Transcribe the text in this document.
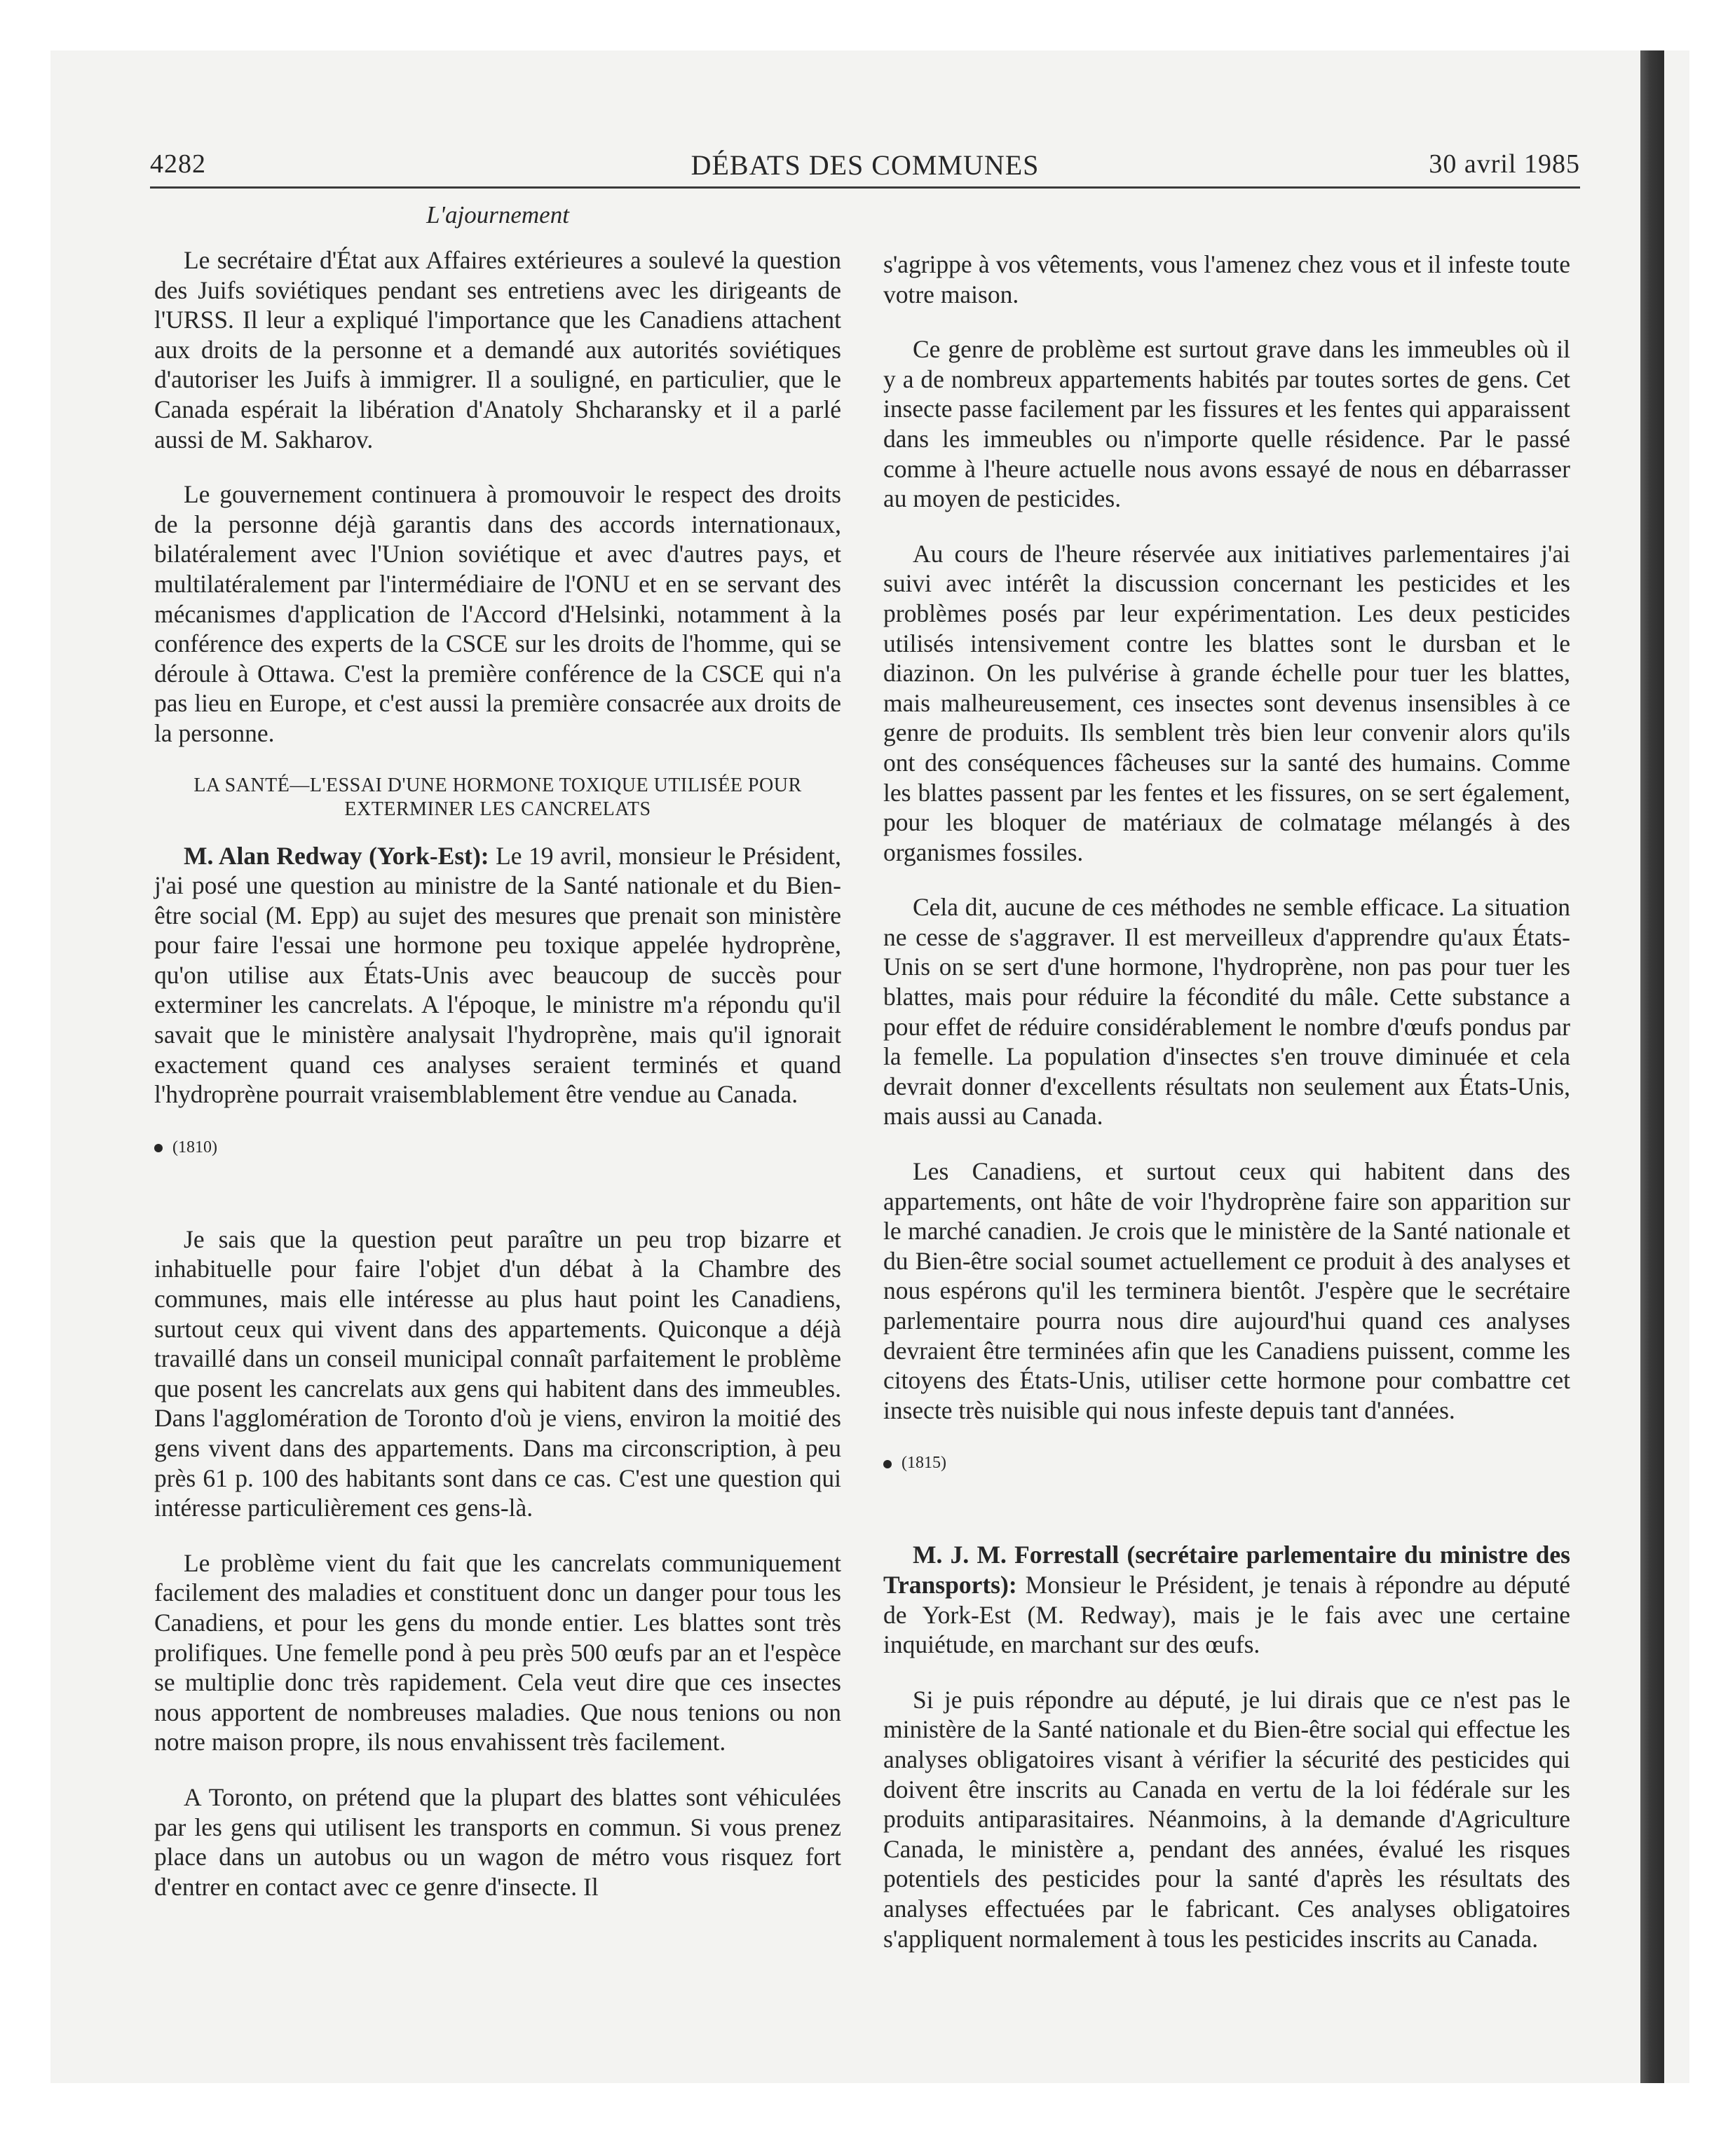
4282	DÉBATS DES COMMUNES	30 avril 1985
L'ajournement

Le secrétaire d'État aux Affaires extérieures a soulevé la question des Juifs soviétiques pendant ses entretiens avec les dirigeants de l'URSS. Il leur a expliqué l'importance que les Canadiens attachent aux droits de la personne et a demandé aux autorités soviétiques d'autoriser les Juifs à immigrer. Il a souligné, en particulier, que le Canada espérait la libération d'Anatoly Shcharansky et il a parlé aussi de M. Sakharov.

Le gouvernement continuera à promouvoir le respect des droits de la personne déjà garantis dans des accords internationaux, bilatéralement avec l'Union soviétique et avec d'autres pays, et multilatéralement par l'intermédiaire de l'ONU et en se servant des mécanismes d'application de l'Accord d'Helsinki, notamment à la conférence des experts de la CSCE sur les droits de l'homme, qui se déroule à Ottawa. C'est la première conférence de la CSCE qui n'a pas lieu en Europe, et c'est aussi la première consacrée aux droits de la personne.

LA SANTÉ—L'ESSAI D'UNE HORMONE TOXIQUE UTILISÉE POUR EXTERMINER LES CANCRELATS

M. Alan Redway (York-Est): Le 19 avril, monsieur le Président, j'ai posé une question au ministre de la Santé nationale et du Bien-être social (M. Epp) au sujet des mesures que prenait son ministère pour faire l'essai une hormone peu toxique appelée hydroprène, qu'on utilise aux États-Unis avec beaucoup de succès pour exterminer les cancrelats. A l'époque, le ministre m'a répondu qu'il savait que le ministère analysait l'hydroprène, mais qu'il ignorait exactement quand ces analyses seraient terminés et quand l'hydroprène pourrait vraisemblablement être vendue au Canada.

(1810)

Je sais que la question peut paraître un peu trop bizarre et inhabituelle pour faire l'objet d'un débat à la Chambre des communes, mais elle intéresse au plus haut point les Canadiens, surtout ceux qui vivent dans des appartements. Quiconque a déjà travaillé dans un conseil municipal connaît parfaitement le problème que posent les cancrelats aux gens qui habitent dans des immeubles. Dans l'agglomération de Toronto d'où je viens, environ la moitié des gens vivent dans des appartements. Dans ma circonscription, à peu près 61 p. 100 des habitants sont dans ce cas. C'est une question qui intéresse particulièrement ces gens-là.

Le problème vient du fait que les cancrelats communiquement facilement des maladies et constituent donc un danger pour tous les Canadiens, et pour les gens du monde entier. Les blattes sont très prolifiques. Une femelle pond à peu près 500 œufs par an et l'espèce se multiplie donc très rapidement. Cela veut dire que ces insectes nous apportent de nombreuses maladies. Que nous tenions ou non notre maison propre, ils nous envahissent très facilement.

A Toronto, on prétend que la plupart des blattes sont véhiculées par les gens qui utilisent les transports en commun. Si vous prenez place dans un autobus ou un wagon de métro vous risquez fort d'entrer en contact avec ce genre d'insecte. Il

s'agrippe à vos vêtements, vous l'amenez chez vous et il infeste toute votre maison.

Ce genre de problème est surtout grave dans les immeubles où il y a de nombreux appartements habités par toutes sortes de gens. Cet insecte passe facilement par les fissures et les fentes qui apparaissent dans les immeubles ou n'importe quelle résidence. Par le passé comme à l'heure actuelle nous avons essayé de nous en débarrasser au moyen de pesticides.

Au cours de l'heure réservée aux initiatives parlementaires j'ai suivi avec intérêt la discussion concernant les pesticides et les problèmes posés par leur expérimentation. Les deux pesticides utilisés intensivement contre les blattes sont le dursban et le diazinon. On les pulvérise à grande échelle pour tuer les blattes, mais malheureusement, ces insectes sont devenus insensibles à ce genre de produits. Ils semblent très bien leur convenir alors qu'ils ont des conséquences fâcheuses sur la santé des humains. Comme les blattes passent par les fentes et les fissures, on se sert également, pour les bloquer de matériaux de colmatage mélangés à des organismes fossiles.

Cela dit, aucune de ces méthodes ne semble efficace. La situation ne cesse de s'aggraver. Il est merveilleux d'apprendre qu'aux États-Unis on se sert d'une hormone, l'hydroprène, non pas pour tuer les blattes, mais pour réduire la fécondité du mâle. Cette substance a pour effet de réduire considérablement le nombre d'œufs pondus par la femelle. La population d'insectes s'en trouve diminuée et cela devrait donner d'excellents résultats non seulement aux États-Unis, mais aussi au Canada.

Les Canadiens, et surtout ceux qui habitent dans des appartements, ont hâte de voir l'hydroprène faire son apparition sur le marché canadien. Je crois que le ministère de la Santé nationale et du Bien-être social soumet actuellement ce produit à des analyses et nous espérons qu'il les terminera bientôt. J'espère que le secrétaire parlementaire pourra nous dire aujourd'hui quand ces analyses devraient être terminées afin que les Canadiens puissent, comme les citoyens des États-Unis, utiliser cette hormone pour combattre cet insecte très nuisible qui nous infeste depuis tant d'années.

(1815)

M. J. M. Forrestall (secrétaire parlementaire du ministre des Transports): Monsieur le Président, je tenais à répondre au député de York-Est (M. Redway), mais je le fais avec une certaine inquiétude, en marchant sur des œufs.

Si je puis répondre au député, je lui dirais que ce n'est pas le ministère de la Santé nationale et du Bien-être social qui effectue les analyses obligatoires visant à vérifier la sécurité des pesticides qui doivent être inscrits au Canada en vertu de la loi fédérale sur les produits antiparasitaires. Néanmoins, à la demande d'Agriculture Canada, le ministère a, pendant des années, évalué les risques potentiels des pesticides pour la santé d'après les résultats des analyses effectuées par le fabricant. Ces analyses obligatoires s'appliquent normalement à tous les pesticides inscrits au Canada.
